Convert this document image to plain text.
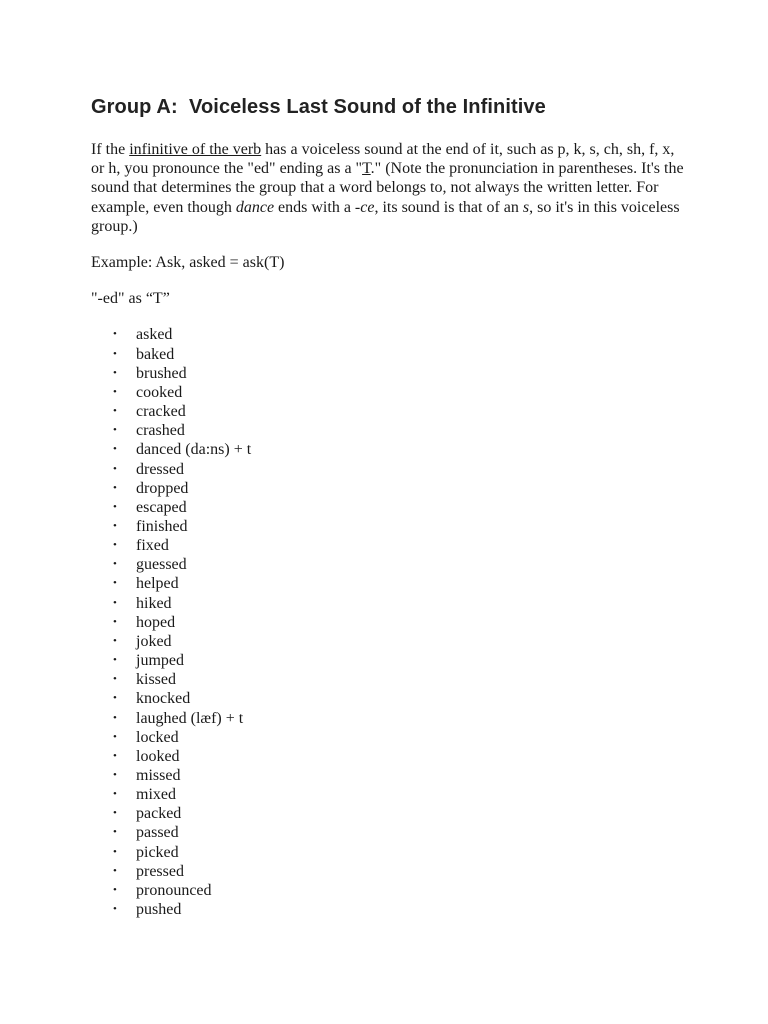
Group A:  Voiceless Last Sound of the Infinitive

If the infinitive of the verb has a voiceless sound at the end of it, such as p, k, s, ch, sh, f, x, or h, you pronounce the "ed" ending as a "T." (Note the pronunciation in parentheses. It's the sound that determines the group that a word belongs to, not always the written letter. For example, even though dance ends with a -ce, its sound is that of an s, so it's in this voiceless group.)

Example: Ask, asked = ask(T)

"-ed" as “T”

• asked
• baked
• brushed
• cooked
• cracked
• crashed
• danced (da:ns) + t
• dressed
• dropped
• escaped
• finished
• fixed
• guessed
• helped
• hiked
• hoped
• joked
• jumped
• kissed
• knocked
• laughed (læf) + t
• locked
• looked
• missed
• mixed
• packed
• passed
• picked
• pressed
• pronounced
• pushed
